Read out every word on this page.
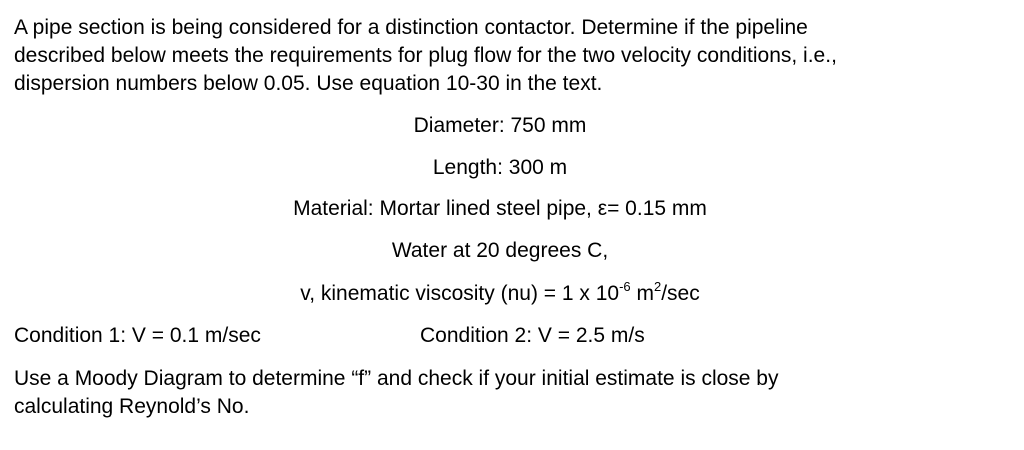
A pipe section is being considered for a distinction contactor. Determine if the pipeline
described below meets the requirements for plug flow for the two velocity conditions, i.e.,
dispersion numbers below 0.05. Use equation 10-30 in the text.
Diameter: 750 mm
Length: 300 m
Material: Mortar lined steel pipe, ε= 0.15 mm
Water at 20 degrees C,
v, kinematic viscosity (nu) = 1 x $10^{-6}$ $m^2/\sec$
Condition 1: V = 0.1 m/sec	Condition 2: V = 2.5 m/s
Use a Moody Diagram to determine “f” and check if your initial estimate is close by
calculating Reynold’s No.
